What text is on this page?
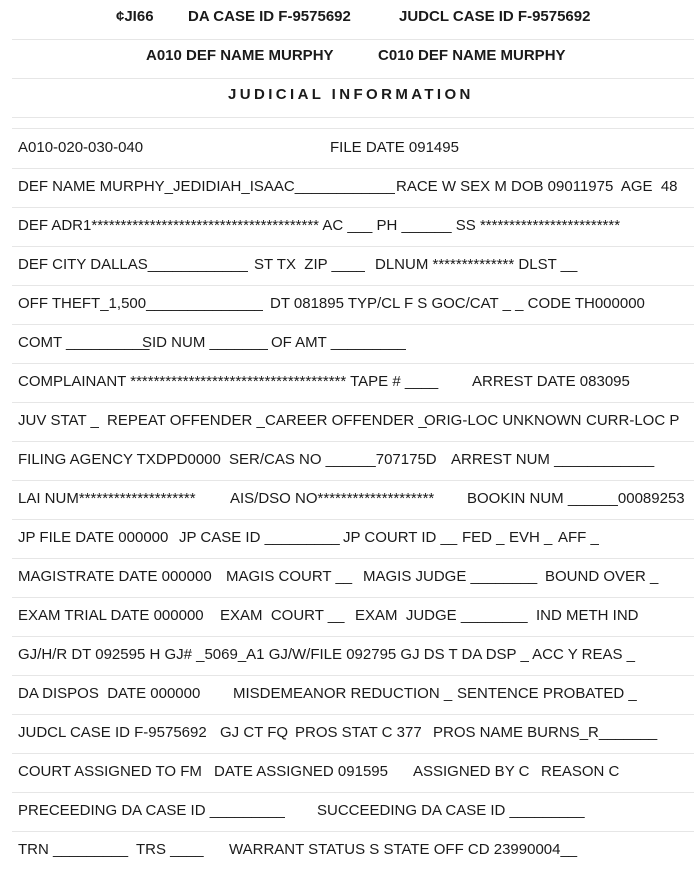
¢JI66 DA CASE ID F-9575692	JUDCL CASE ID F-9575692
A010 DEF NAME MURPHY	C010 DEF NAME MURPHY
JUDICIAL INFORMATION
A010-020-030-040	FILE DATE 091495
DEF NAME MURPHY_JEDIDIAH_ISAAC____________ RACE W SEX M DOB 09011975  AGE  48
DEF ADR1*************************************** AC ___ PH ______ SS ************************
DEF CITY DALLAS____________ ST TX  ZIP ____ DLNUM ************** DLST __
OFF THEFT_1,500______________ DT 081895 TYP/CL F S GOC/CAT _ _ CODE TH000000
COMT __________
SID NUM _______ OF AMT _________
COMPLAINANT ************************************* TAPE # ____ ARREST DATE 083095
JUV STAT _ REPEAT OFFENDER _ CAREER OFFENDER _
ORIG-LOC UNKNOWN CURR-LOC P
FILING AGENCY TXDPD0000 SER/CAS NO ______707175D ARREST NUM ____________
LAI NUM******************** AIS/DSO NO******************** BOOKIN NUM ______00089253
JP FILE DATE 000000 JP CASE ID _________ JP COURT ID __ FED _ EVH _ AFF _
MAGISTRATE DATE 000000 MAGIS COURT __ MAGIS JUDGE ________ BOUND OVER _
EXAM TRIAL DATE 000000 EXAM  COURT __ EXAM  JUDGE ________ IND METH IND
GJ/H/R DT 092595 H GJ# _5069_A1 GJ/W/FILE 092795 GJ DS T DA DSP _ ACC Y REAS _
DA DISPOS  DATE 000000 MISDEMEANOR REDUCTION _ SENTENCE PROBATED _
JUDCL CASE ID F-9575692 GJ CT FQ PROS STAT C 377 PROS NAME BURNS_R_______
COURT ASSIGNED TO FM DATE ASSIGNED 091595 ASSIGNED BY C REASON C
PRECEEDING DA CASE ID _________ SUCCEEDING DA CASE ID _________
TRN _________ TRS ____ WARRANT STATUS S STATE OFF CD 23990004__
